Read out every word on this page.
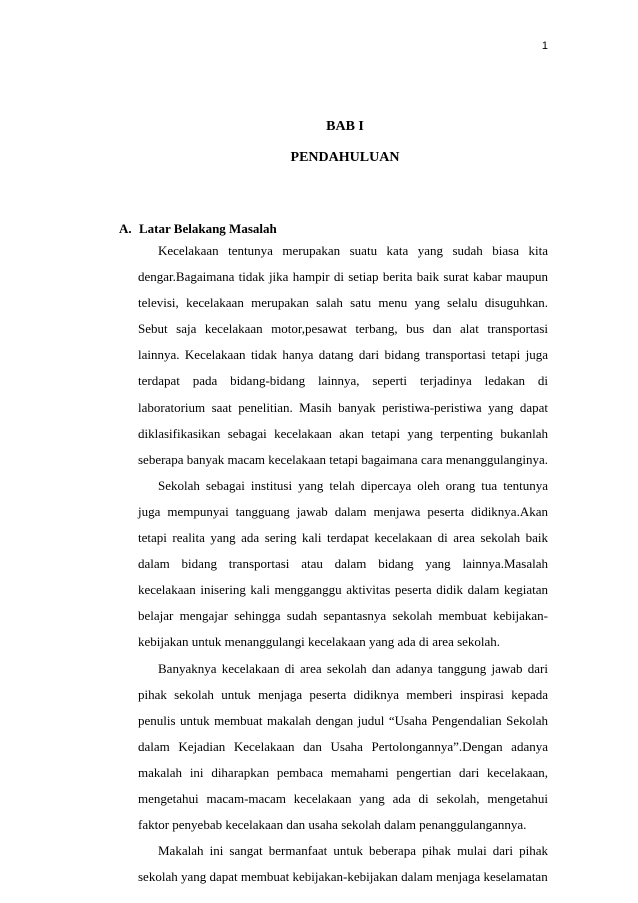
1
BAB I
PENDAHULUAN
A. Latar Belakang Masalah

Kecelakaan tentunya merupakan suatu kata yang sudah biasa kita dengar.Bagaimana tidak jika hampir di setiap berita baik surat kabar maupun televisi, kecelakaan merupakan salah satu menu yang selalu disuguhkan. Sebut saja kecelakaan motor,pesawat terbang, bus dan alat transportasi lainnya. Kecelakaan tidak hanya datang dari bidang transportasi tetapi juga terdapat pada bidang-bidang lainnya, seperti terjadinya ledakan di laboratorium saat penelitian. Masih banyak peristiwa-peristiwa yang dapat diklasifikasikan sebagai kecelakaan akan tetapi yang terpenting bukanlah seberapa banyak macam kecelakaan tetapi bagaimana cara menanggulanginya.

Sekolah sebagai institusi yang telah dipercaya oleh orang tua tentunya juga mempunyai tangguang jawab dalam menjawa peserta didiknya.Akan tetapi realita yang ada sering kali terdapat kecelakaan di area sekolah baik dalam bidang transportasi atau dalam bidang yang lainnya.Masalah kecelakaan inisering kali mengganggu aktivitas peserta didik dalam kegiatan belajar mengajar sehingga sudah sepantasnya sekolah membuat kebijakan-kebijakan untuk menanggulangi kecelakaan yang ada di area sekolah.

Banyaknya kecelakaan di area sekolah dan adanya tanggung jawab dari pihak sekolah untuk menjaga peserta didiknya memberi inspirasi kepada penulis untuk membuat makalah dengan judul “Usaha Pengendalian Sekolah dalam Kejadian Kecelakaan dan Usaha Pertolongannya”.Dengan adanya makalah ini diharapkan pembaca memahami pengertian dari kecelakaan, mengetahui macam-macam kecelakaan yang ada di sekolah, mengetahui faktor penyebab kecelakaan dan usaha sekolah dalam penanggulangannya.

Makalah ini sangat bermanfaat untuk beberapa pihak mulai dari pihak sekolah yang dapat membuat kebijakan-kebijakan dalam menjaga keselamatan
